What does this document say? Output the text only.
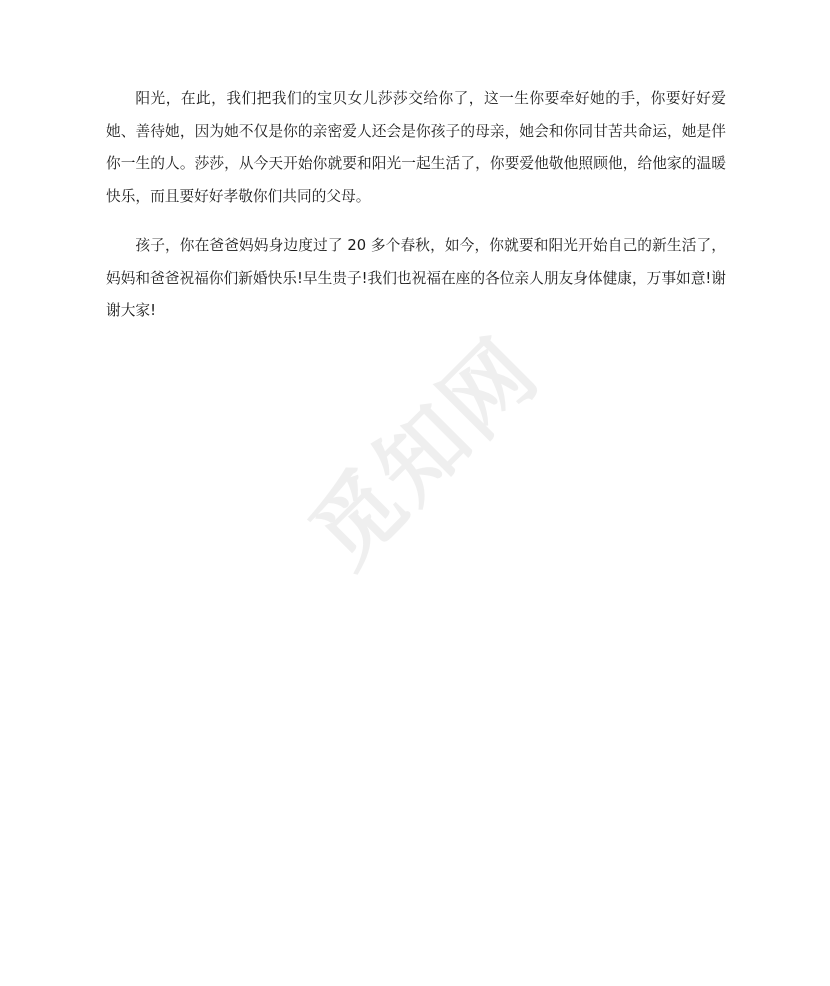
阳光，在此，我们把我们的宝贝女儿莎莎交给你了，这一生你要牵好她的手，你要好好爱她、善待她，因为她不仅是你的亲密爱人还会是你孩子的母亲，她会和你同甘苦共命运，她是伴你一生的人。莎莎，从今天开始你就要和阳光一起生活了，你要爱他敬他照顾他，给他家的温暖快乐，而且要好好孝敬你们共同的父母。

孩子，你在爸爸妈妈身边度过了 20 多个春秋，如今，你就要和阳光开始自己的新生活了，妈妈和爸爸祝福你们新婚快乐!早生贵子!我们也祝福在座的各位亲人朋友身体健康，万事如意!谢谢大家!

觅知网
